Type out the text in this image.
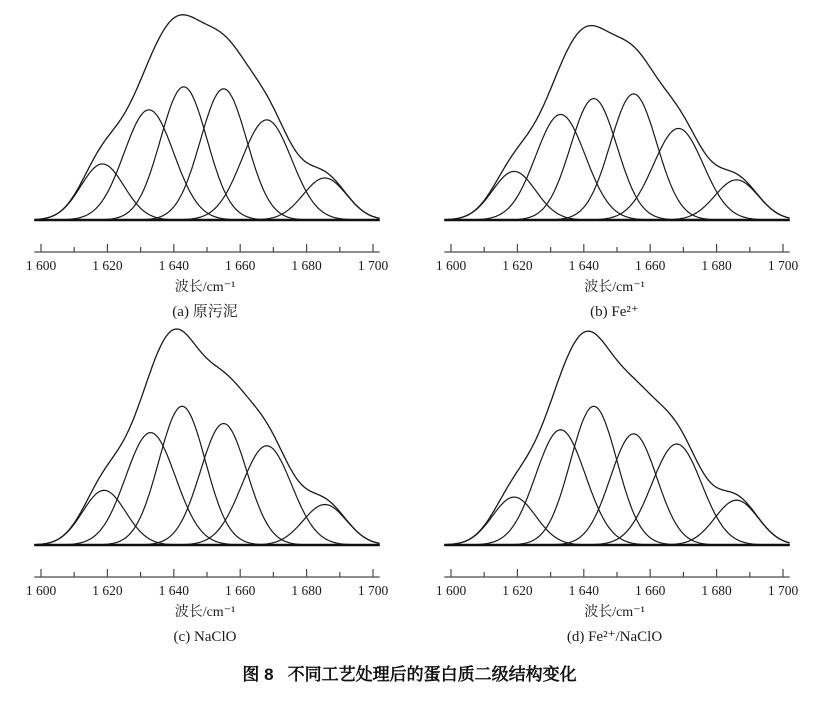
1 600	1 620	1 640	1 660	1 680	1 700
波长/cm⁻¹
(a) 原污泥
1 600	1 620	1 640	1 660	1 680	1 700
波长/cm⁻¹
(b) Fe²⁺
1 600	1 620	1 640	1 660	1 680	1 700
波长/cm⁻¹
(c) NaClO
1 600	1 620	1 640	1 660	1 680	1 700
波长/cm⁻¹
(d) Fe²⁺/NaClO
图 8 不同工艺处理后的蛋白质二级结构变化
